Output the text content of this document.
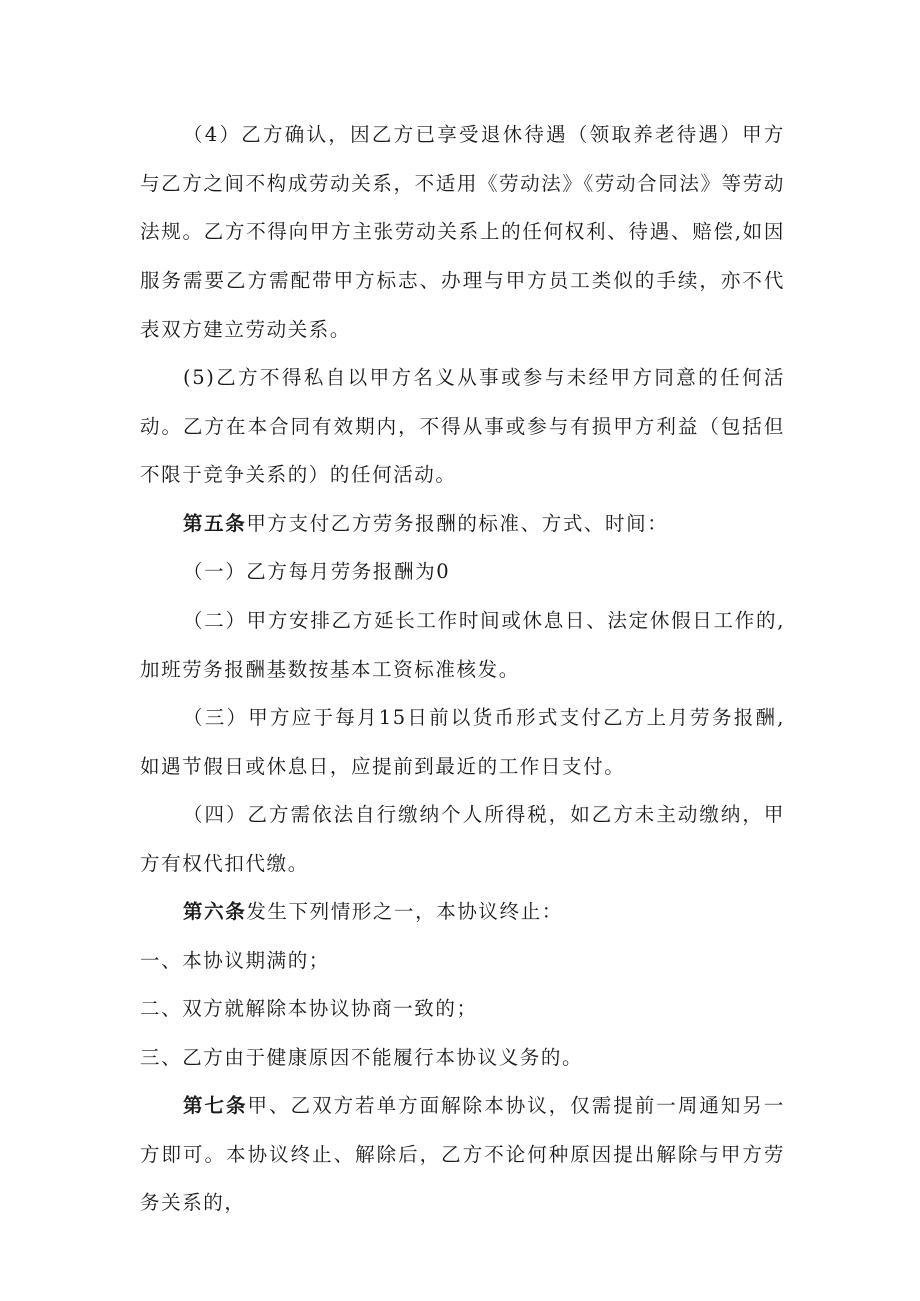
（4）乙方确认，因乙方已享受退休待遇（领取养老待遇）甲方与乙方之间不构成劳动关系，不适用《劳动法》《劳动合同法》等劳动法规。乙方不得向甲方主张劳动关系上的任何权利、待遇、赔偿,如因服务需要乙方需配带甲方标志、办理与甲方员工类似的手续，亦不代表双方建立劳动关系。

(5)乙方不得私自以甲方名义从事或参与未经甲方同意的任何活动。乙方在本合同有效期内，不得从事或参与有损甲方利益（包括但不限于竞争关系的）的任何活动。

第五条甲方支付乙方劳务报酬的标准、方式、时间：

（一）乙方每月劳务报酬为0

（二）甲方安排乙方延长工作时间或休息日、法定休假日工作的,加班劳务报酬基数按基本工资标准核发。

（三）甲方应于每月15日前以货币形式支付乙方上月劳务报酬,如遇节假日或休息日，应提前到最近的工作日支付。

（四）乙方需依法自行缴纳个人所得税，如乙方未主动缴纳，甲方有权代扣代缴。

第六条发生下列情形之一，本协议终止：

一、本协议期满的；

二、双方就解除本协议协商一致的；

三、乙方由于健康原因不能履行本协议义务的。

第七条甲、乙双方若单方面解除本协议，仅需提前一周通知另一方即可。本协议终止、解除后，乙方不论何种原因提出解除与甲方劳务关系的，
